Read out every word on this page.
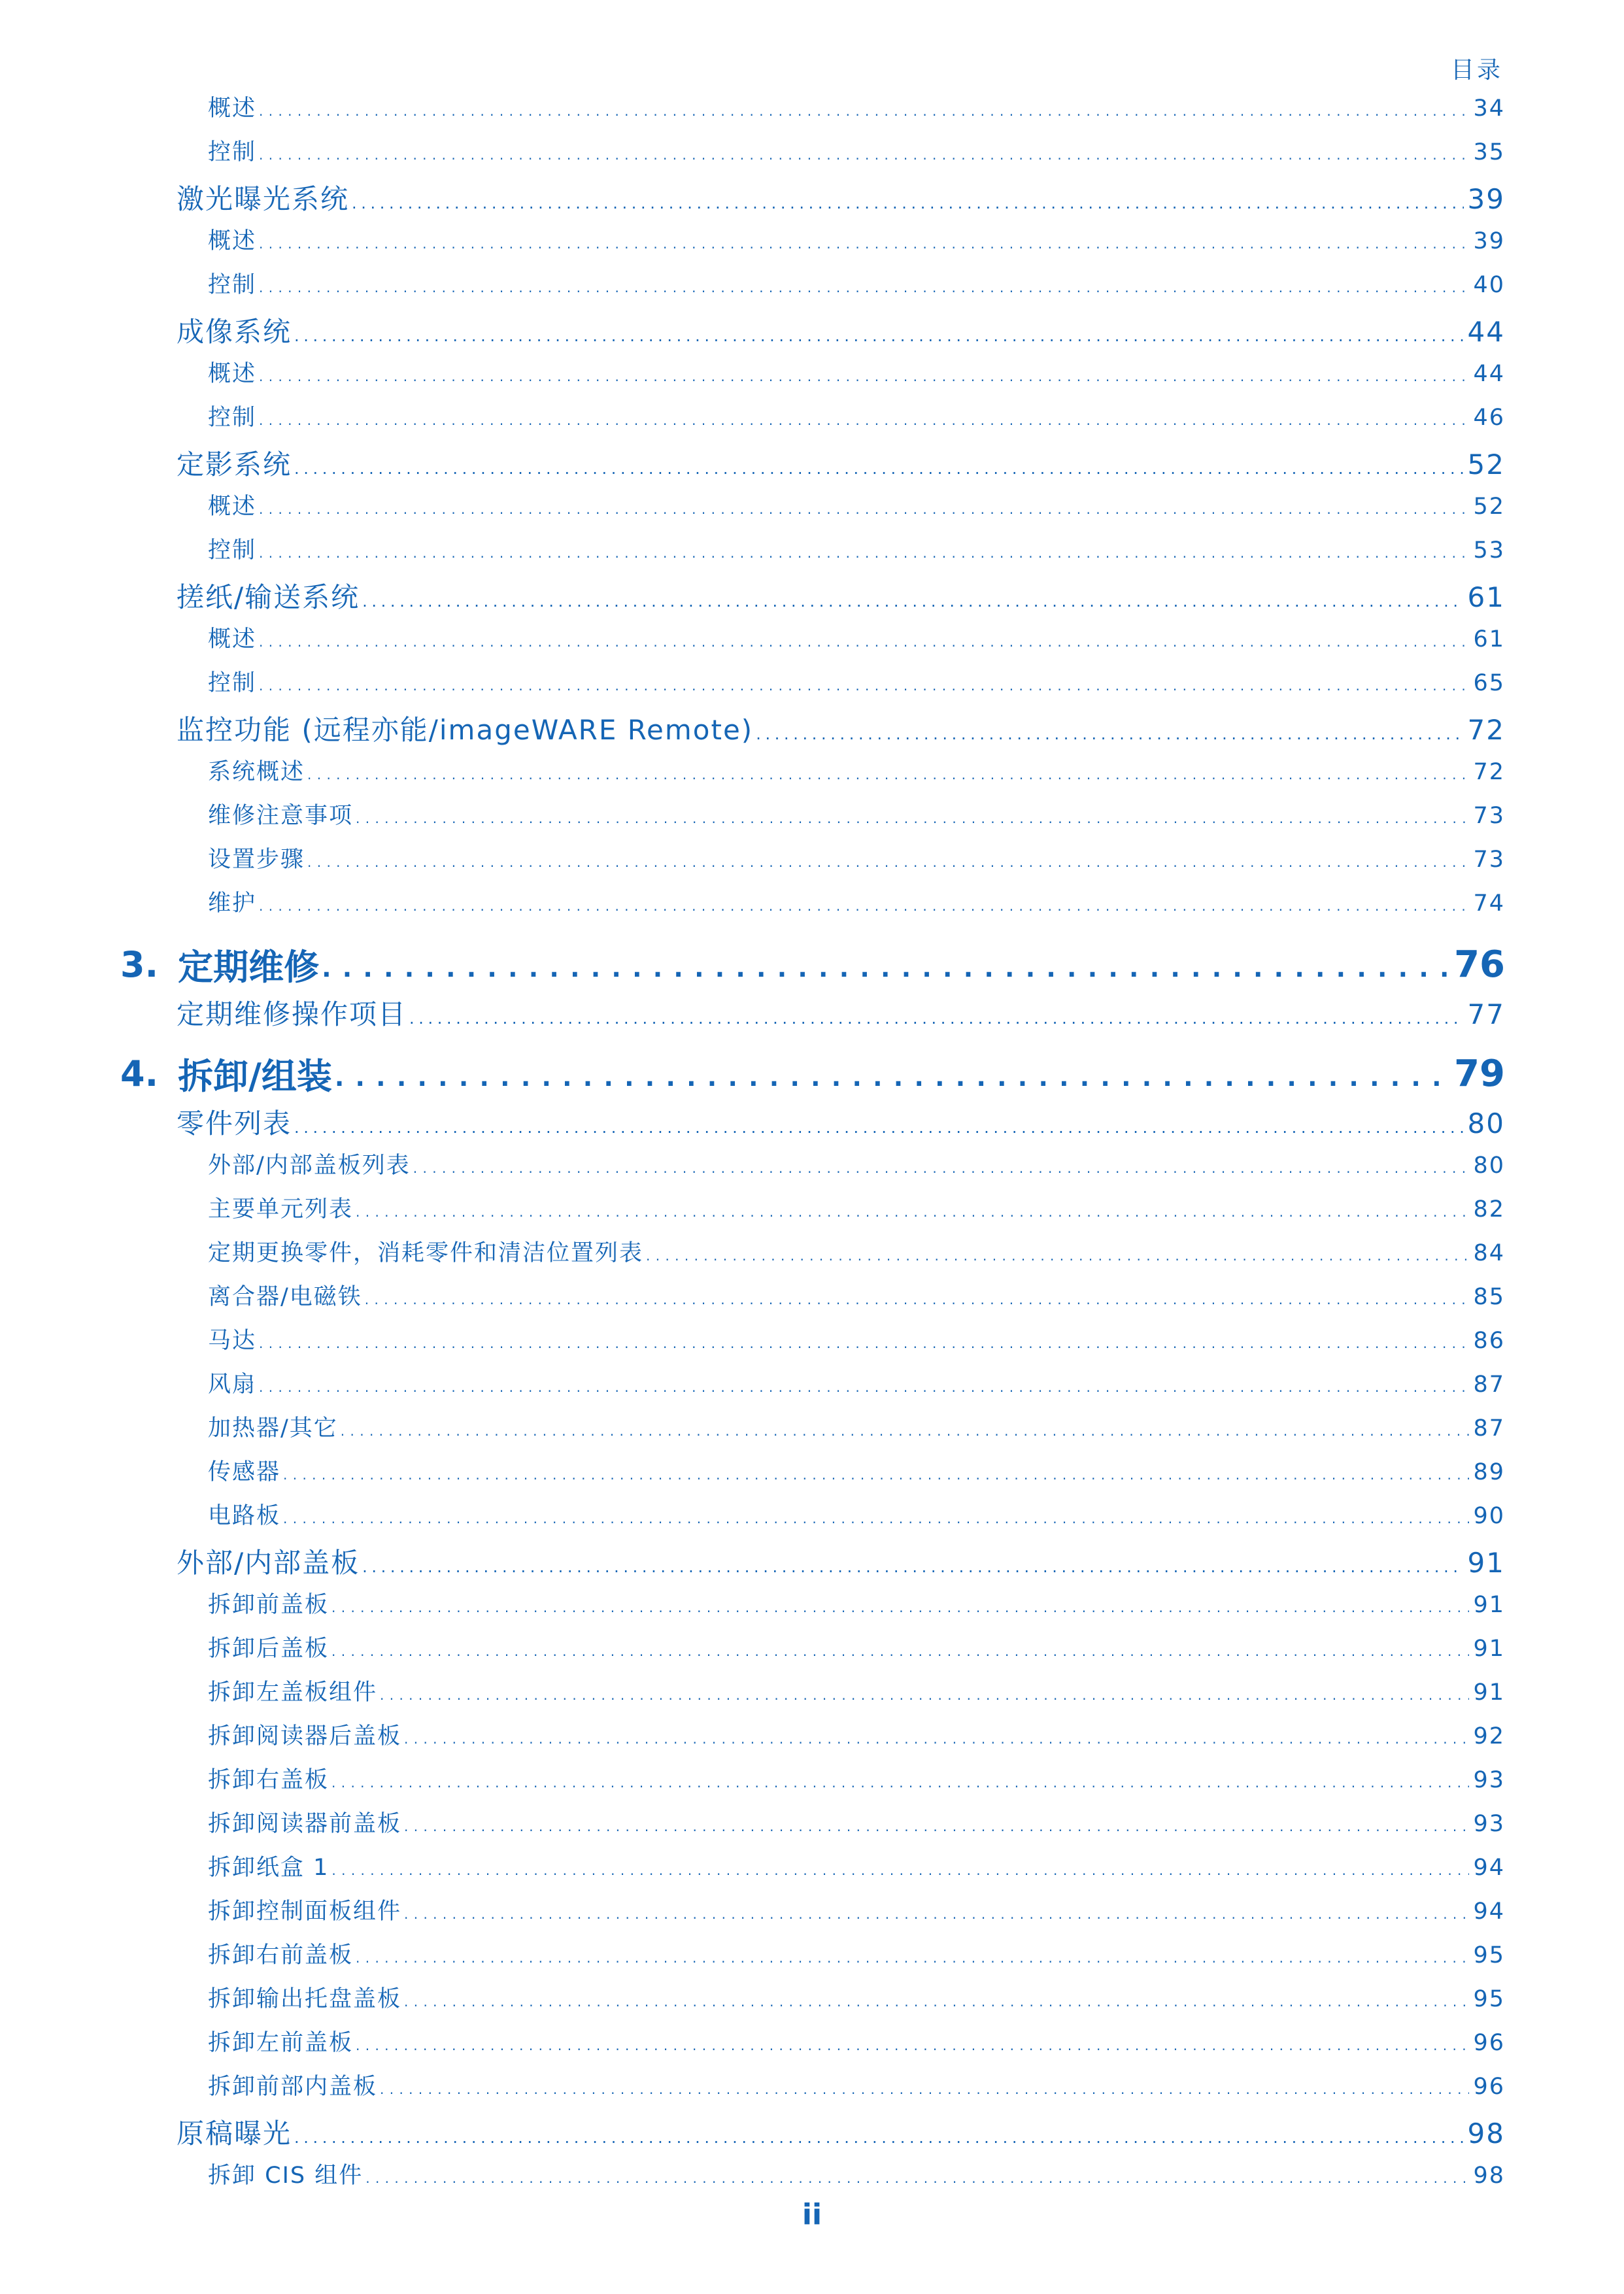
目录
概述 . . .	34
控制 . . .	35
激光曝光系统 . . .	39
概述 . . .	39
控制 . . .	40
成像系统 . . .	44
概述 . . .	44
控制 . . .	46
定影系统 . . .	52
概述 . . .	52
控制 . . .	53
搓纸/输送系统 . . .	61
概述 . . .	61
控制 . . .	65
监控功能 (远程亦能/imageWARE Remote) . . .	72
系统概述 . . .	72
维修注意事项 . . .	73
设置步骤 . . .	73
维护 . . .	74
3. 定期维修 . . .	76
定期维修操作项目 . . .	77
4. 拆卸/组装 . . .	79
零件列表 . . .	80
外部/内部盖板列表 . . .	80
主要单元列表 . . .	82
定期更换零件，消耗零件和清洁位置列表 . . .	84
离合器/电磁铁 . . .	85
马达 . . .	86
风扇 . . .	87
加热器/其它 . . .	87
传感器 . . .	89
电路板 . . .	90
外部/内部盖板 . . .	91
拆卸前盖板 . . .	91
拆卸后盖板 . . .	91
拆卸左盖板组件 . . .	91
拆卸阅读器后盖板 . . .	92
拆卸右盖板 . . .	93
拆卸阅读器前盖板 . . .	93
拆卸纸盒 1 . . .	94
拆卸控制面板组件 . . .	94
拆卸右前盖板 . . .	95
拆卸输出托盘盖板 . . .	95
拆卸左前盖板 . . .	96
拆卸前部内盖板 . . .	96
原稿曝光 . . .	98
拆卸 CIS 组件 . . .	98
ii
